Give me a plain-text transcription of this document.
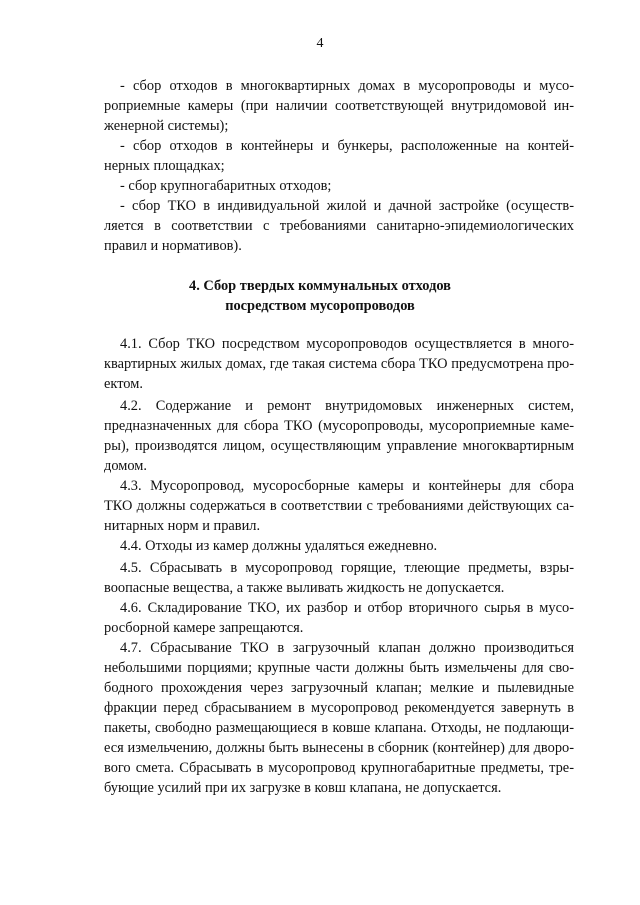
4
- сбор отходов в многоквартирных домах в мусоропроводы и мусо-
роприемные камеры (при наличии соответствующей внутридомовой ин-
женерной системы);
- сбор отходов в контейнеры и бункеры, расположенные на контей-
нерных площадках;
- сбор крупногабаритных отходов;
- сбор ТКО в индивидуальной жилой и дачной застройке (осуществ-
ляется в соответствии с требованиями санитарно-эпидемиологических
правил и нормативов).
4. Сбор твердых коммунальных отходов
посредством мусоропроводов
4.1. Сбор ТКО посредством мусоропроводов осуществляется в много-
квартирных жилых домах, где такая система сбора ТКО предусмотрена про-
ектом.
4.2. Содержание и ремонт внутридомовых инженерных систем,
предназначенных для сбора ТКО (мусоропроводы, мусороприемные каме-
ры), производятся лицом, осуществляющим управление многоквартирным
домом.
4.3. Мусоропровод, мусоросборные камеры и контейнеры для сбора
ТКО должны содержаться в соответствии с требованиями действующих са-
нитарных норм и правил.
4.4. Отходы из камер должны удаляться ежедневно.
4.5. Сбрасывать в мусоропровод горящие, тлеющие предметы, взры-
воопасные вещества, а также выливать жидкость не допускается.
4.6. Складирование ТКО, их разбор и отбор вторичного сырья в мусо-
росборной камере запрещаются.
4.7. Сбрасывание ТКО в загрузочный клапан должно производиться
небольшими порциями; крупные части должны быть измельчены для сво-
бодного прохождения через загрузочный клапан; мелкие и пылевидные
фракции перед сбрасыванием в мусоропровод рекомендуется завернуть в
пакеты, свободно размещающиеся в ковше клапана. Отходы, не подлающи-
еся измельчению, должны быть вынесены в сборник (контейнер) для дворо-
вого смета. Сбрасывать в мусоропровод крупногабаритные предметы, тре-
бующие усилий при их загрузке в ковш клапана, не допускается.
